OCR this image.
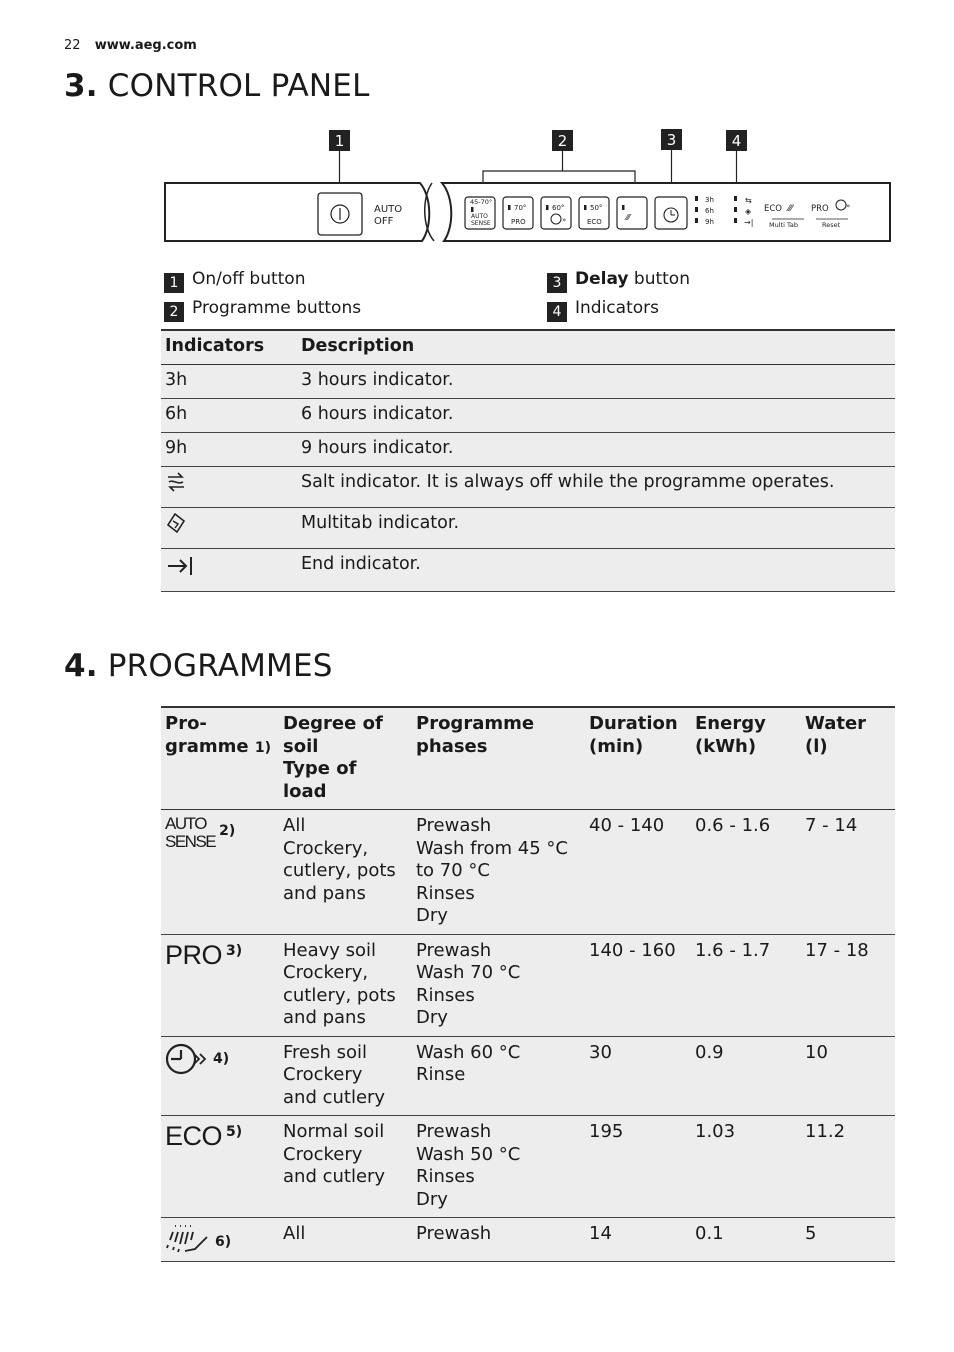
22 www.aeg.com
3. CONTROL PANEL
1	2	3	4
AUTO
OFF
45-70°
AUTO
SENSE
70°
PRO
60°
»
50°
ECO	⁄⁄⁄
3h
6h
9h
⇆
◈
→|
ECO ⁄⁄⁄
Multi Tab
PRO »
Reset
1 On/off button
2 Programme buttons
3 Delay button
4 Indicators
Indicators	Description
3h	3 hours indicator.
6h	6 hours indicator.
9h	9 hours indicator.
	Salt indicator. It is always off while the programme operates.
	Multitab indicator.
	End indicator.
4. PROGRAMMES
Pro-
gramme 1)	Degree of
soil
Type of
load	Programme
phases	Duration
(min)	Energy
(kWh)	Water
(l)

AUTO
SENSE
2)	All
Crockery,
cutlery, pots
and pans	Prewash
Wash from 45 °C
to 70 °C
Rinses
Dry	40 - 140	0.6 - 1.6	7 - 14

PRO 3)	Heavy soil
Crockery,
cutlery, pots
and pans	Prewash
Wash 70 °C
Rinses
Dry	140 - 160	1.6 - 1.7	17 - 18

4)	Fresh soil
Crockery
and cutlery	Wash 60 °C
Rinse	30	0.9	10

ECO 5)	Normal soil
Crockery
and cutlery	Prewash
Wash 50 °C
Rinses
Dry	195	1.03	11.2

6)	All	Prewash	14	0.1	5
